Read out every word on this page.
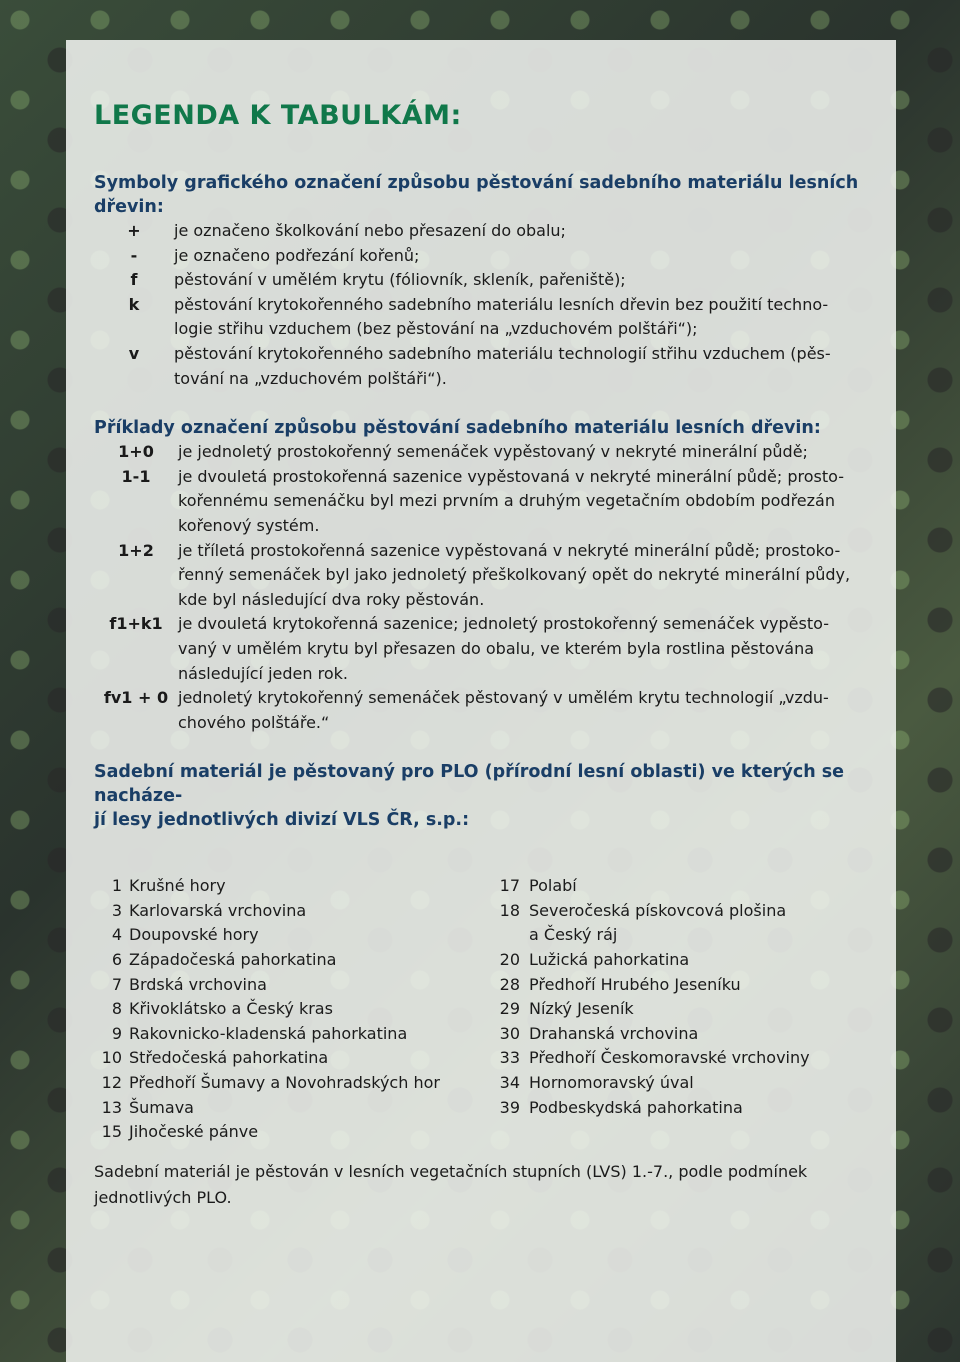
LEGENDA K TABULKÁM:
Symboly grafického označení způsobu pěstování sadebního materiálu lesních dřevin:
+	je označeno školkování nebo přesazení do obalu;
-	je označeno podřezání kořenů;
f	pěstování v umělém krytu (fóliovník, skleník, pařeniště);
k	pěstování krytokořenného sadebního materiálu lesních dřevin bez použití techno-
logie střihu vzduchem (bez pěstování na „vzduchovém polštáři“);
v	pěstování krytokořenného sadebního materiálu technologií střihu vzduchem (pěs-
tování na „vzduchovém polštáři“).
Příklady označení způsobu pěstování sadebního materiálu lesních dřevin:
1+0	je jednoletý prostokořenný semenáček vypěstovaný v nekryté minerální půdě;
1-1	je dvouletá prostokořenná sazenice vypěstovaná v nekryté minerální půdě; prosto-
kořennému semenáčku byl mezi prvním a druhým vegetačním obdobím podřezán
kořenový systém.
1+2	je tříletá prostokořenná sazenice vypěstovaná v nekryté minerální půdě; prostoko-
řenný semenáček byl jako jednoletý přeškolkovaný opět do nekryté minerální půdy,
kde byl následující dva roky pěstován.
f1+k1 je dvouletá krytokořenná sazenice; jednoletý prostokořenný semenáček vypěsto-
vaný v umělém krytu byl přesazen do obalu, ve kterém byla rostlina pěstována
následující jeden rok.
fv1 + 0 jednoletý krytokořenný semenáček pěstovaný v umělém krytu technologií „vzdu-
chového polštáře.“
Sadební materiál je pěstovaný pro PLO (přírodní lesní oblasti) ve kterých se nacháze-
jí lesy jednotlivých divizí VLS ČR, s.p.:
1 Krušné hory
3 Karlovarská vrchovina
4 Doupovské hory
6 Západočeská pahorkatina
7 Brdská vrchovina
8 Křivoklátsko a Český kras
9 Rakovnicko-kladenská pahorkatina
10 Středočeská pahorkatina
12 Předhoří Šumavy a Novohradských hor
13 Šumava
15 Jihočeské pánve
17 Polabí
18 Severočeská pískovcová plošina
a Český ráj
20 Lužická pahorkatina
28 Předhoří Hrubého Jeseníku
29 Nízký Jeseník
30 Drahanská vrchovina
33 Předhoří Českomoravské vrchoviny
34 Hornomoravský úval
39 Podbeskydská pahorkatina
Sadební materiál je pěstován v lesních vegetačních stupních (LVS) 1.-7., podle podmínek
jednotlivých PLO.
